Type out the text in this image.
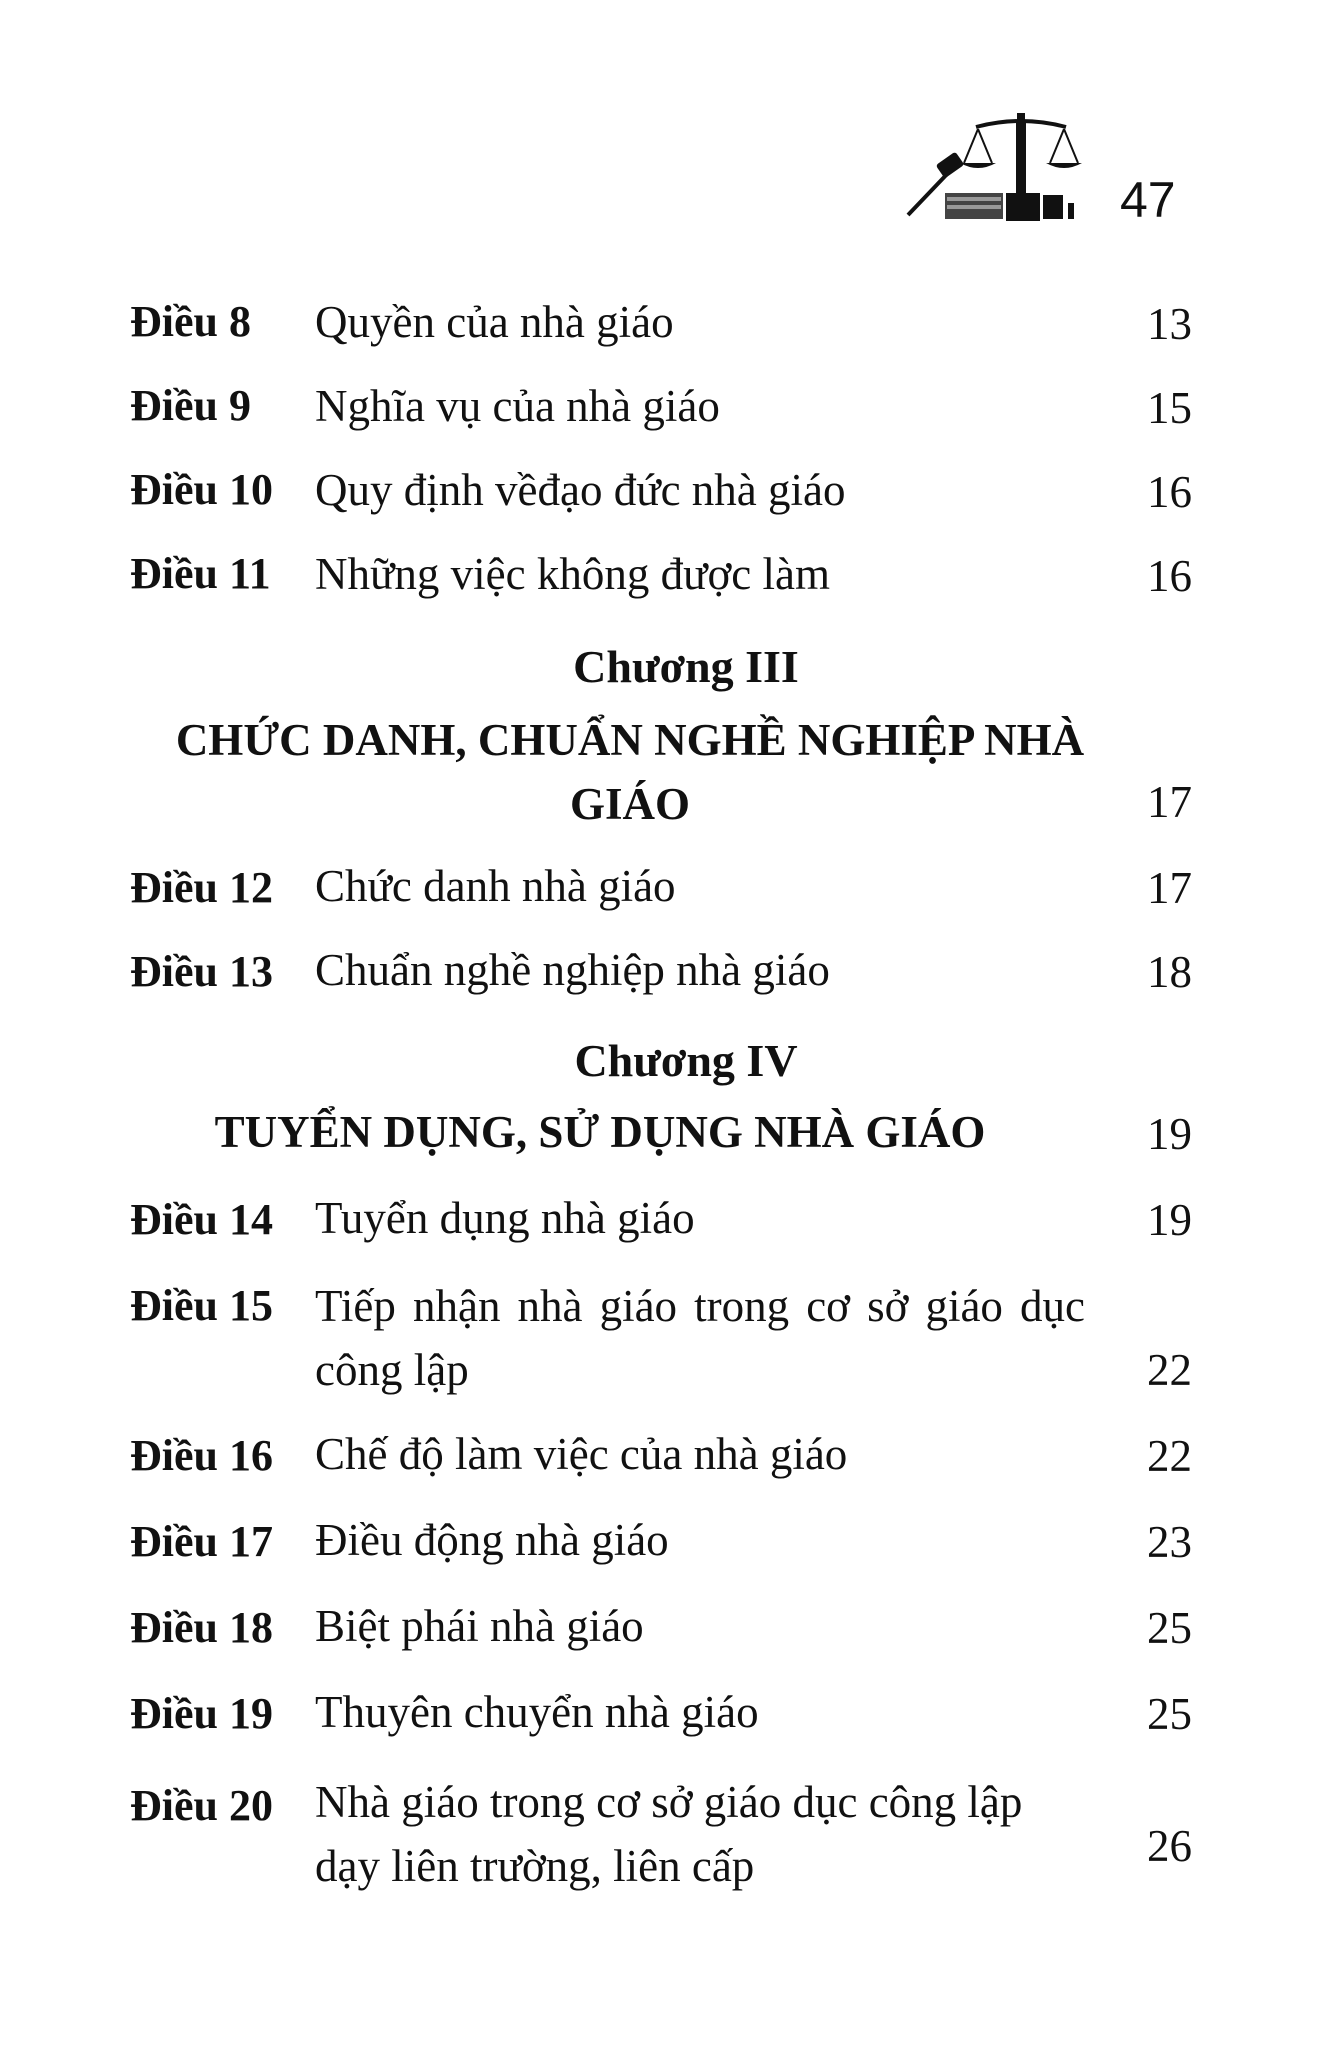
47
Điều 8 Quyền của nhà giáo	13
Điều 9 Nghĩa vụ của nhà giáo	15
Điều 10 Quy định vềđạo đức nhà giáo	16
Điều 11 Những việc không được làm	16
Chương III
CHỨC DANH, CHUẨN NGHỀ NGHIỆP NHÀ GIÁO	17
Điều 12 Chức danh nhà giáo	17
Điều 13 Chuẩn nghề nghiệp nhà giáo	18
Chương IV
TUYỂN DỤNG, SỬ DỤNG NHÀ GIÁO	19
Điều 14 Tuyển dụng nhà giáo	19
Điều 15 Tiếp nhận nhà giáo trong cơ sở giáo dục công lập	22
Điều 16 Chế độ làm việc của nhà giáo	22
Điều 17 Điều động nhà giáo	23
Điều 18 Biệt phái nhà giáo	25
Điều 19 Thuyên chuyển nhà giáo	25
Điều 20 Nhà giáo trong cơ sở giáo dục công lập dạy liên trường, liên cấp	26
